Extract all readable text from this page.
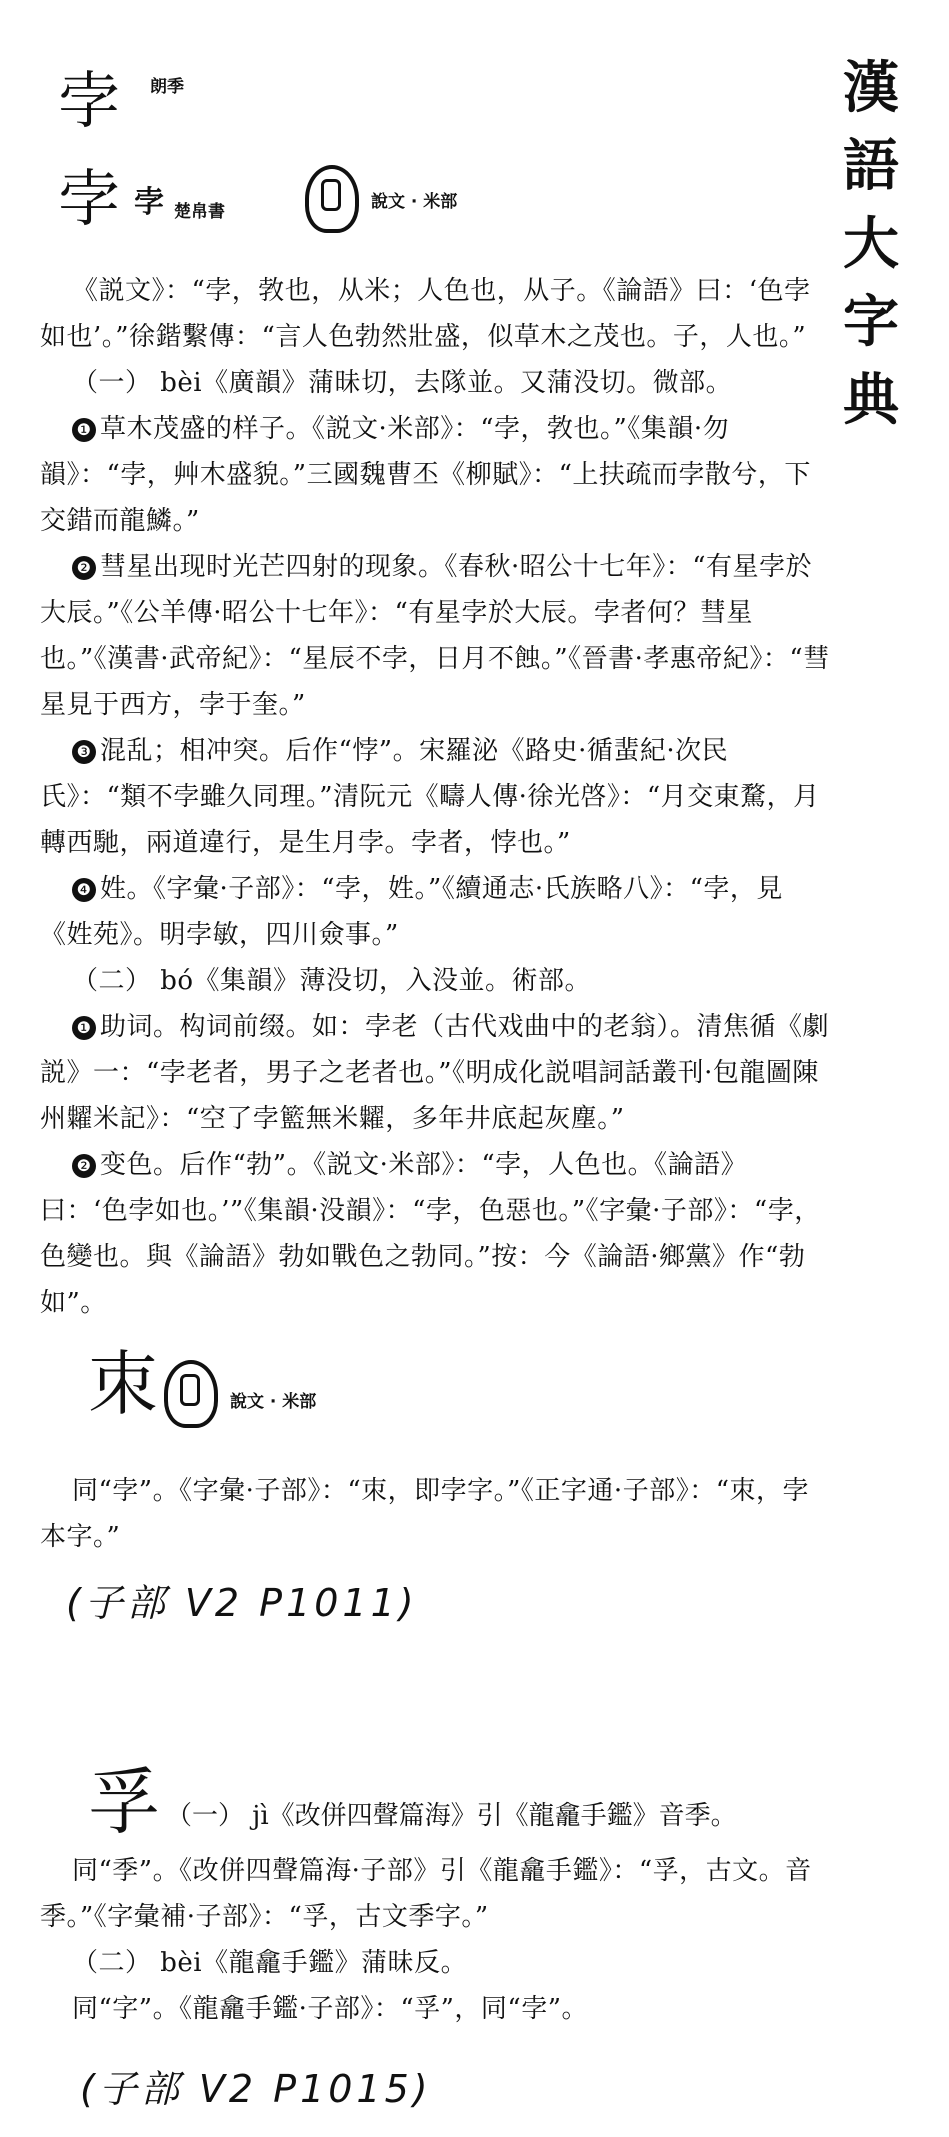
漢
語
大
字
典
孛 朗季
孛 孛 楚帛書	說文 · 米部
《説文》：“孛，㪍也，从米；人色也，从子。《論語》曰：‘色孛如也’。”徐鍇繫傳：“言人色勃然壯盛，似草木之茂也。子，人也。”
（一） bèi《廣韻》蒲昧切，去隊並。又蒲没切。微部。
❶ 草木茂盛的样子。《説文·米部》：“孛，㪍也。”《集韻·勿韻》：“孛，艸木盛貌。”三國魏曹丕《柳賦》：“上扶疏而孛散兮，下交錯而龍鱗。”
❷ 彗星出现时光芒四射的现象。《春秋·昭公十七年》：“有星孛於大辰。”《公羊傳·昭公十七年》：“有星孛於大辰。孛者何？彗星也。”《漢書·武帝紀》：“星辰不孛，日月不蝕。”《晉書·孝惠帝紀》：“彗星見于西方，孛于奎。”
❸ 混乱；相冲突。后作“悖”。宋羅泌《路史·循蜚紀·次民氏》：“類不孛雖久同理。”清阮元《疇人傳·徐光啓》：“月交東騖，月轉西馳，兩道違行，是生月孛。孛者，悖也。”
❹ 姓。《字彙·子部》：“孛，姓。”《續通志·氏族略八》：“孛，見《姓苑》。明孛敏，四川僉事。”
（二） bó《集韻》薄没切，入没並。術部。
❶ 助词。构词前缀。如：孛老（古代戏曲中的老翁）。清焦循《劇説》一：“孛老者，男子之老者也。”《明成化説唱詞話叢刊·包龍圖陳州糶米記》：“空了孛籃無米糶，多年井底起灰塵。”
❷ 变色。后作“勃”。《説文·米部》：“孛，人色也。《論語》曰：‘色孛如也。’”《集韻·没韻》：“孛，色惡也。”《字彙·子部》：“孛，色變也。與《論語》勃如戰色之勃同。”按：今《論語·鄉黨》作“勃如”。
朿	說文 · 米部
同“孛”。《字彙·子部》：“朿，即孛字。”《正字通·子部》：“朿，孛本字。”
(子部 V2 P1011)
孚 （一） jì《改併四聲篇海》引《龍龕手鑑》音季。
同“季”。《改併四聲篇海·子部》引《龍龕手鑑》：“孚，古文。音季。”《字彙補·子部》：“孚，古文季字。”
（二） bèi《龍龕手鑑》蒲昧反。
同“字”。《龍龕手鑑·子部》：“孚”，同“孛”。
(子部 V2 P1015)
